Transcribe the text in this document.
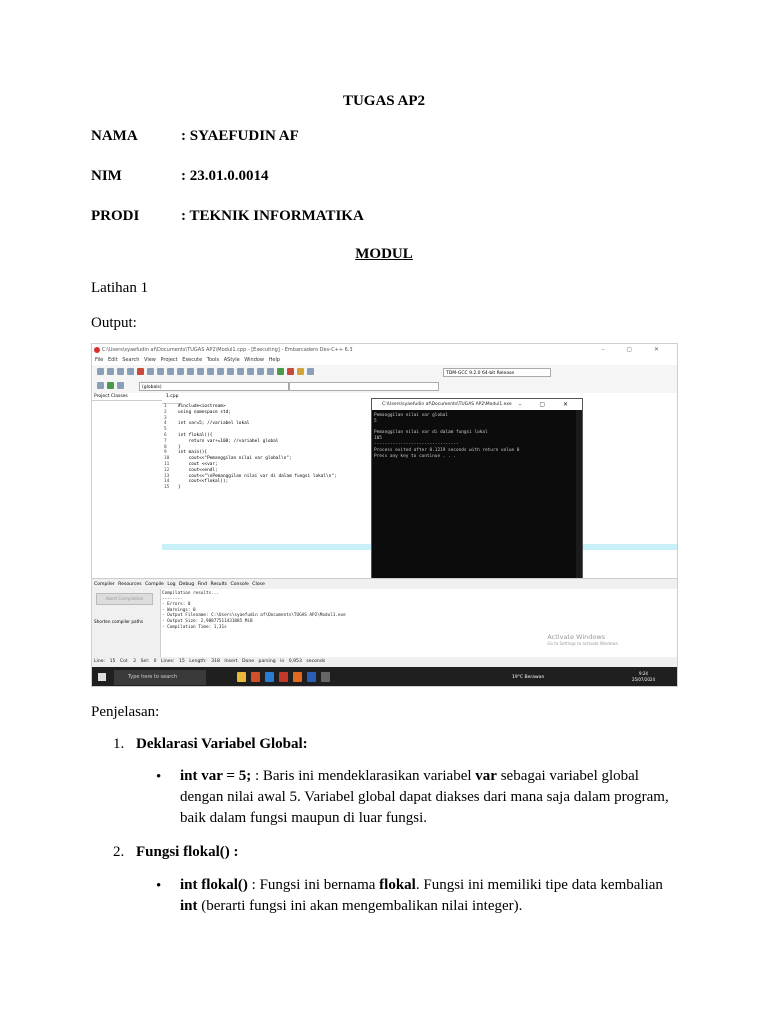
TUGAS AP2
NAMA	: SYAEFUDIN AF
NIM	: 23.01.0.0014
PRODI	: TEKNIK INFORMATIKA
MODUL
Latihan 1
Output:
C:\Users\syaefudin af\Documents\TUGAS AP2\Modul1.cpp - [Executing] - Embarcadero Dev-C++ 6.3	– ▢ ✕
File Edit Search View Project Execute Tools AStyle Window Help
TDM-GCC 9.2.0 64-bit Release
(globals)
Project Classes	1.cpp
1	#include<iostream>
2	using namespace std;
3
4	int var=5; //variabel lokal
5
6	int flokal(){
7	return var+=100; //variabel global
8	}
9	int main(){
10    cout<<"Pemanggilan nilai var global\n";
11    cout <<var;
12    cout<<endl;
13    cout<<"\nPemanggilan nilai var di dalam fungsi lokal\n";
14    cout<<flokal();
15 }
C:\Users\syaefudin af\Documents\TUGAS AP2\Modul1.exe – ▢ ✕
Pemanggilan nilai var global
5

Pemanggilan nilai var di dalam fungsi lokal
105
--------------------------------
Process exited after 0.1219 seconds with return value 0
Press any key to continue . . .
Compiler Resources Compile Log Debug Find Results Console Close
Abort Compilation
Shorten compiler paths
Compilation results...
--------
- Errors: 0
- Warnings: 0
- Output Filename: C:\Users\syaefudin af\Documents\TUGAS AP2\Modul1.exe
- Output Size: 2,98877511431885 MiB
- Compilation Time: 1,31s
Activate Windows
Go to Settings to activate Windows.
Line: 15 Col: 2 Sel: 0 Lines: 15 Length: 318 Insert Done parsing in 0,953 seconds
Type here to search	19°C Berawan
9:24
25/07/2024
Penjelasan:
1. Deklarasi Variabel Global:
• int var = 5; : Baris ini mendeklarasikan variabel var sebagai variabel global dengan nilai awal 5. Variabel global dapat diakses dari mana saja dalam program, baik dalam fungsi maupun di luar fungsi.
2. Fungsi flokal() :
• int flokal() : Fungsi ini bernama flokal. Fungsi ini memiliki tipe data kembalian int (berarti fungsi ini akan mengembalikan nilai integer).
